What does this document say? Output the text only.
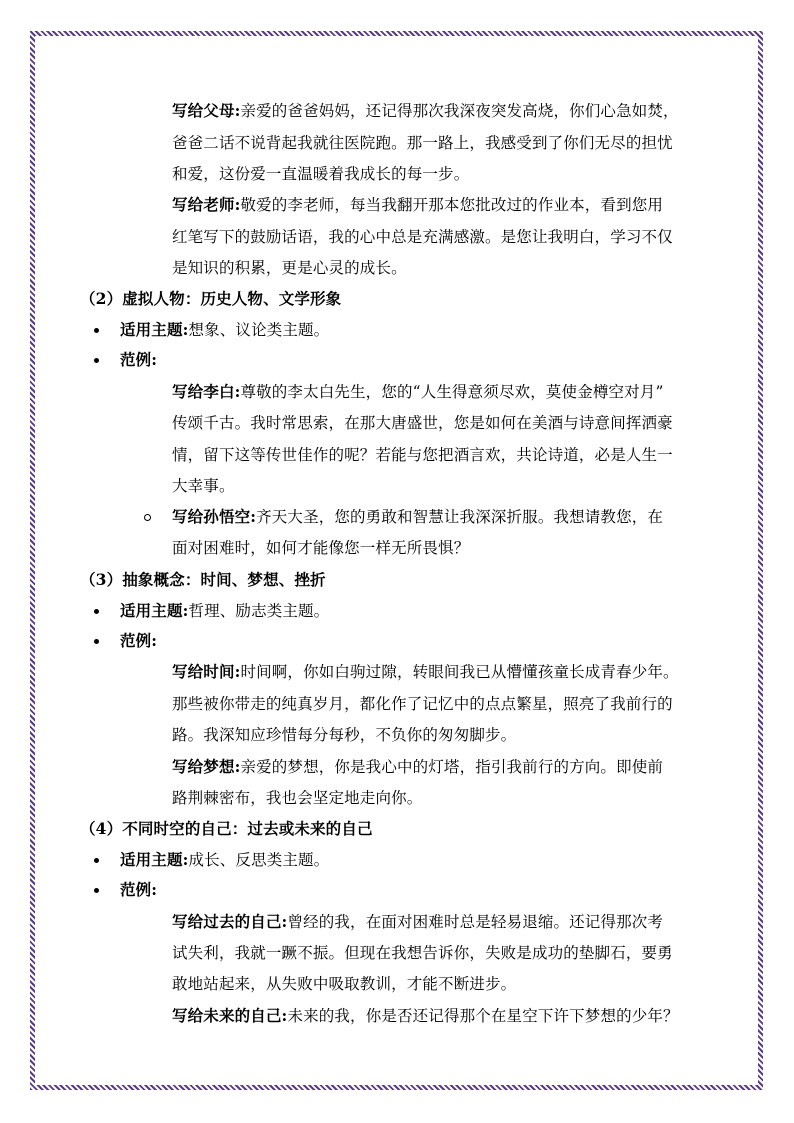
写给父母:亲爱的爸爸妈妈，还记得那次我深夜突发高烧，你们心急如焚，
爸爸二话不说背起我就往医院跑。那一路上，我感受到了你们无尽的担忧
和爱，这份爱一直温暖着我成长的每一步。
写给老师:敬爱的李老师，每当我翻开那本您批改过的作业本，看到您用
红笔写下的鼓励话语，我的心中总是充满感激。是您让我明白，学习不仅
是知识的积累，更是心灵的成长。
（2）虚拟人物：历史人物、文学形象
适用主题:想象、议论类主题。
范例:
写给李白:尊敬的李太白先生，您的“人生得意须尽欢，莫使金樽空对月”
传颂千古。我时常思索，在那大唐盛世，您是如何在美酒与诗意间挥洒豪
情，留下这等传世佳作的呢？若能与您把酒言欢，共论诗道，必是人生一
大幸事。
写给孙悟空:齐天大圣，您的勇敢和智慧让我深深折服。我想请教您，在
面对困难时，如何才能像您一样无所畏惧？
（3）抽象概念：时间、梦想、挫折
适用主题:哲理、励志类主题。
范例:
写给时间:时间啊，你如白驹过隙，转眼间我已从懵懂孩童长成青春少年。
那些被你带走的纯真岁月，都化作了记忆中的点点繁星，照亮了我前行的
路。我深知应珍惜每分每秒，不负你的匆匆脚步。
写给梦想:亲爱的梦想，你是我心中的灯塔，指引我前行的方向。即使前
路荆棘密布，我也会坚定地走向你。
（4）不同时空的自己：过去或未来的自己
适用主题:成长、反思类主题。
范例:
写给过去的自己:曾经的我，在面对困难时总是轻易退缩。还记得那次考
试失利，我就一蹶不振。但现在我想告诉你，失败是成功的垫脚石，要勇
敢地站起来，从失败中吸取教训，才能不断进步。
写给未来的自己:未来的我，你是否还记得那个在星空下许下梦想的少年？
